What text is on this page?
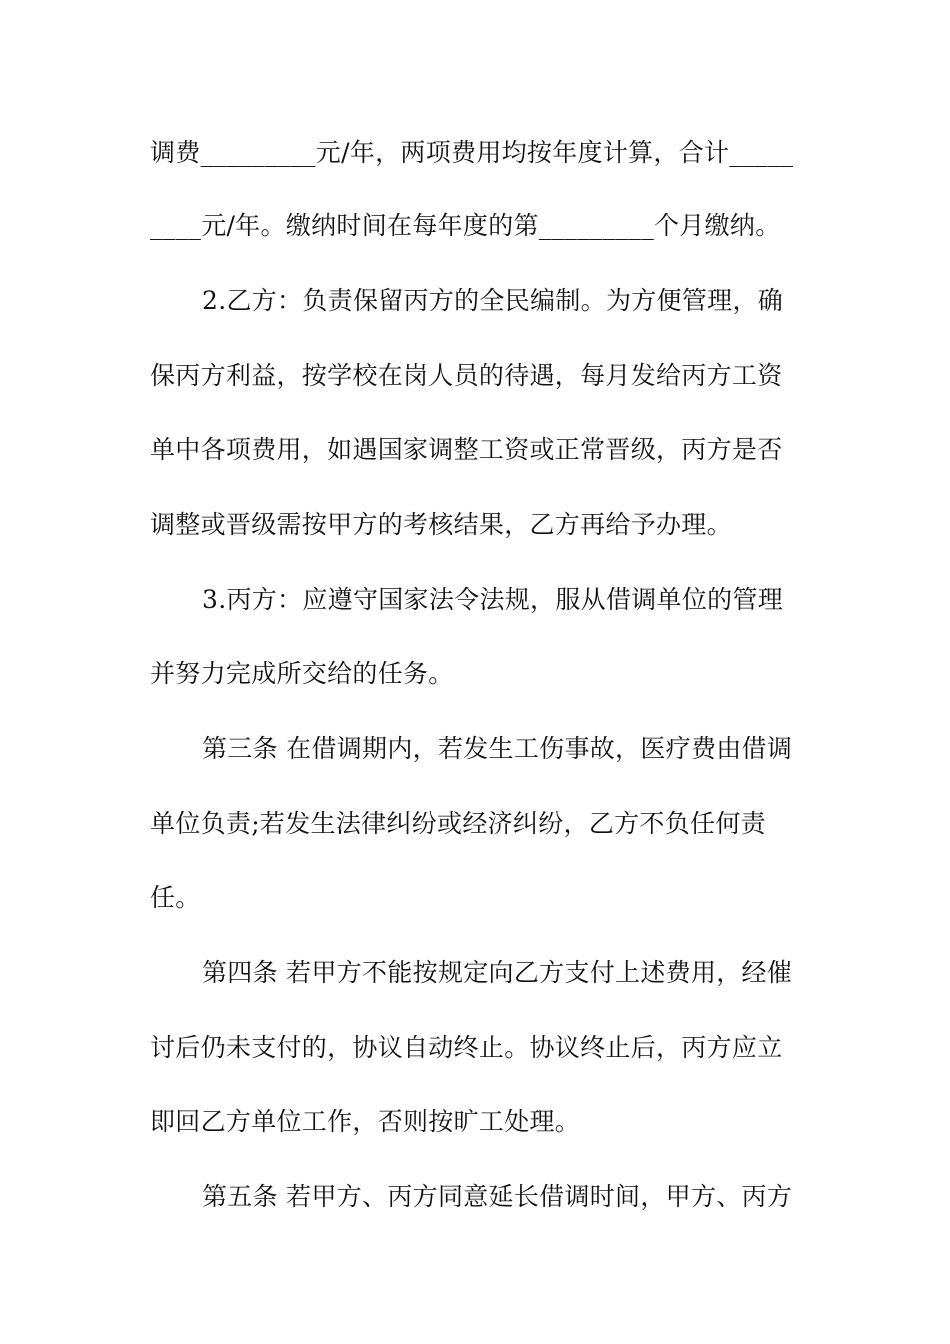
调费_________元/年，两项费用均按年度计算，合计_____
____元/年。缴纳时间在每年度的第_________个月缴纳。
2.乙方：负责保留丙方的全民编制。为方便管理，确
保丙方利益，按学校在岗人员的待遇，每月发给丙方工资
单中各项费用，如遇国家调整工资或正常晋级，丙方是否
调整或晋级需按甲方的考核结果，乙方再给予办理。
3.丙方：应遵守国家法令法规，服从借调单位的管理
并努力完成所交给的任务。
第三条 在借调期内，若发生工伤事故，医疗费由借调
单位负责;若发生法律纠纷或经济纠纷，乙方不负任何责
任。
第四条 若甲方不能按规定向乙方支付上述费用，经催
讨后仍未支付的，协议自动终止。协议终止后，丙方应立
即回乙方单位工作，否则按旷工处理。
第五条 若甲方、丙方同意延长借调时间，甲方、丙方
